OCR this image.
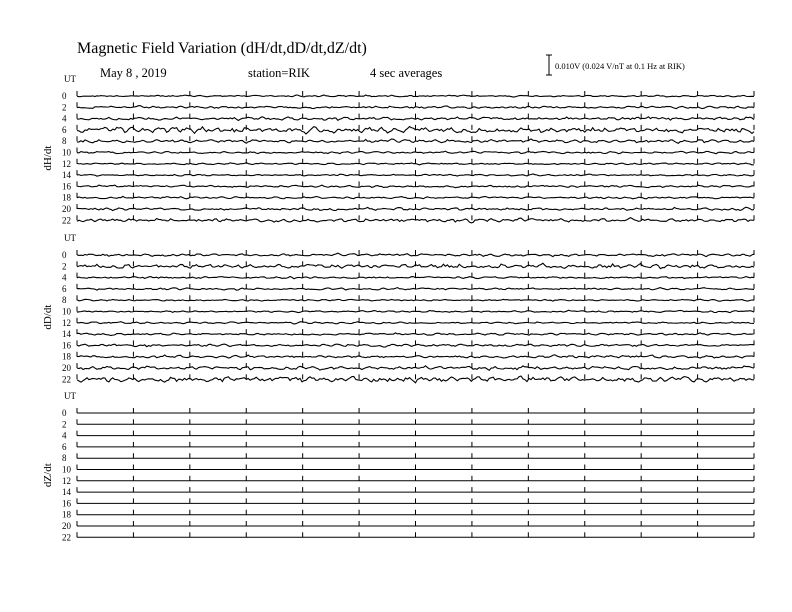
Magnetic Field Variation (dH/dt,dD/dt,dZ/dt)
May 8 , 2019	station=RIK	4 sec averages	0.010V (0.024 V/nT at 0.1 Hz at RIK)
UT
dH/dt
0
2
4
6
8
10
12
14
16
18
20
22
UT
dD/dt
0
2
4
6
8
10
12
14
16
18
20
22
UT
dZ/dt
0
2
4
6
8
10
12
14
16
18
20
22
